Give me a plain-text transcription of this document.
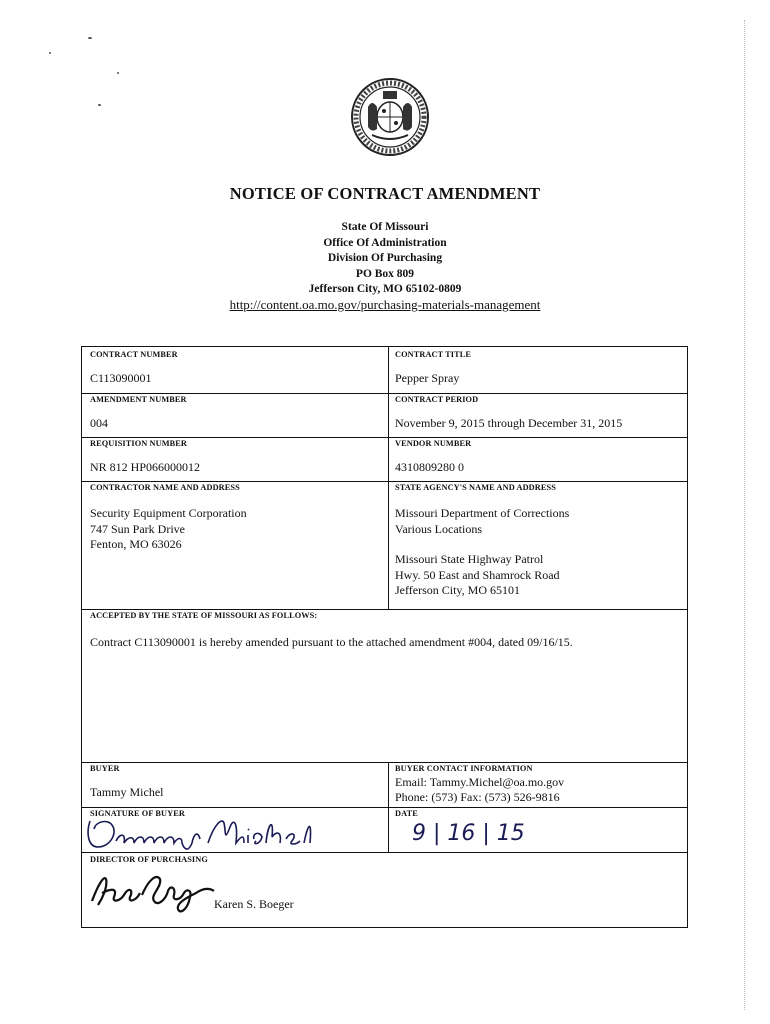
NOTICE OF CONTRACT AMENDMENT
State Of Missouri
Office Of Administration
Division Of Purchasing
PO Box 809
Jefferson City, MO 65102-0809
http://content.oa.mo.gov/purchasing-materials-management
CONTRACT NUMBER
C113090001
CONTRACT TITLE
Pepper Spray
AMENDMENT NUMBER
004
CONTRACT PERIOD
November 9, 2015 through December 31, 2015
REQUISITION NUMBER
NR 812 HP066000012
VENDOR NUMBER
4310809280 0
CONTRACTOR NAME AND ADDRESS
Security Equipment Corporation
747 Sun Park Drive
Fenton, MO 63026
STATE AGENCY'S NAME AND ADDRESS
Missouri Department of Corrections
Various Locations
Missouri State Highway Patrol
Hwy. 50 East and Shamrock Road
Jefferson City, MO 65101
ACCEPTED BY THE STATE OF MISSOURI AS FOLLOWS:
Contract C113090001 is hereby amended pursuant to the attached amendment #004, dated 09/16/15.
BUYER
Tammy Michel
BUYER CONTACT INFORMATION
Email: Tammy.Michel@oa.mo.gov
Phone: (573) Fax: (573) 526-9816
SIGNATURE OF BUYER	DATE
9 | 16 | 15
DIRECTOR OF PURCHASING
Karen S. Boeger
